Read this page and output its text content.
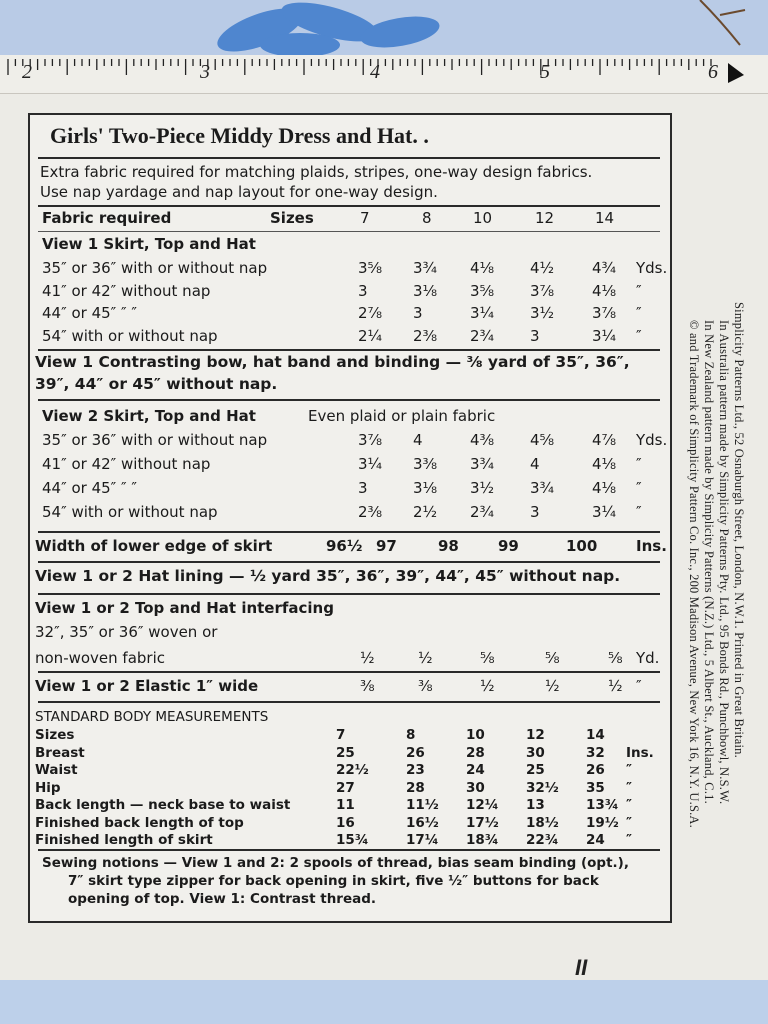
2	3	4	5	6
Simplicity Patterns Ltd., 52 Osnaburgh Street, London, N.W.1. Printed in Great Britain.
In Australia pattern made by Simplicity Patterns Pty. Ltd., 95 Bonds Rd., Punchbowl, N.S.W.
In New Zealand pattern made by Simplicity Patterns (N.Z.) Ltd., 5 Albert St., Auckland, C.1.
© and Trademark of Simplicity Pattern Co. Inc., 200 Madison Avenue, New York 16, N.Y. U.S.A.
Girls' Two-Piece Middy Dress and Hat. .
Extra fabric required for matching plaids, stripes, one-way design fabrics.
Use nap yardage and nap layout for one-way design.
Fabric required	Sizes	7	8	10	12	14
View 1 Skirt, Top and Hat
35″ or 36″ with or without nap	3⅝ 3¾ 4⅛ 4½	4¾ Yds.
41″ or 42″ without nap	3	3⅛ 3⅝ 3⅞	4⅛ ″
44″ or 45″ ″ ″	2⅞ 3	3¼ 3½	3⅞ ″
54″ with or without nap	2¼ 2⅜ 2¾ 3	3¼ ″
View 1 Contrasting bow, hat band and binding — ⅜ yard of 35″, 36″,
39″, 44″ or 45″ without nap.
View 2 Skirt, Top and Hat	Even plaid or plain fabric
35″ or 36″ with or without nap	3⅞ 4	4⅜ 4⅝	4⅞ Yds.
41″ or 42″ without nap	3¼ 3⅜ 3¾ 4	4⅛ ″
44″ or 45″ ″ ″	3	3⅛ 3½ 3¾	4⅛ ″
54″ with or without nap	2⅜ 2½ 2¾ 3	3¼ ″
Width of lower edge of skirt	96½ 97	98	99	100	Ins.
View 1 or 2 Hat lining — ½ yard 35″, 36″, 39″, 44″, 45″ without nap.
View 1 or 2 Top and Hat interfacing
32″, 35″ or 36″ woven or
non-woven fabric	½	½	⅝	⅝	⅝ Yd.
View 1 or 2 Elastic 1″ wide	⅜	⅜	½	½	½ ″
STANDARD BODY MEASUREMENTS
Sizes	7	8	10	12	14
Breast	25	26	28	30	32 Ins.
Waist	22½	23	24	25	26 ″
Hip	27	28	30	32½ 35 ″
Back length — neck base to waist	11	11½ 12¼ 13	13¾ ″
Finished back length of top	16	16½ 17½ 18½ 19½ ″
Finished length of skirt	15¾	17¼ 18¾ 22¾ 24 ″
Sewing notions — View 1 and 2: 2 spools of thread, bias seam binding (opt.),
7″ skirt type zipper for back opening in skirt, five ½″ buttons for back
opening of top. View 1: Contrast thread.
II
